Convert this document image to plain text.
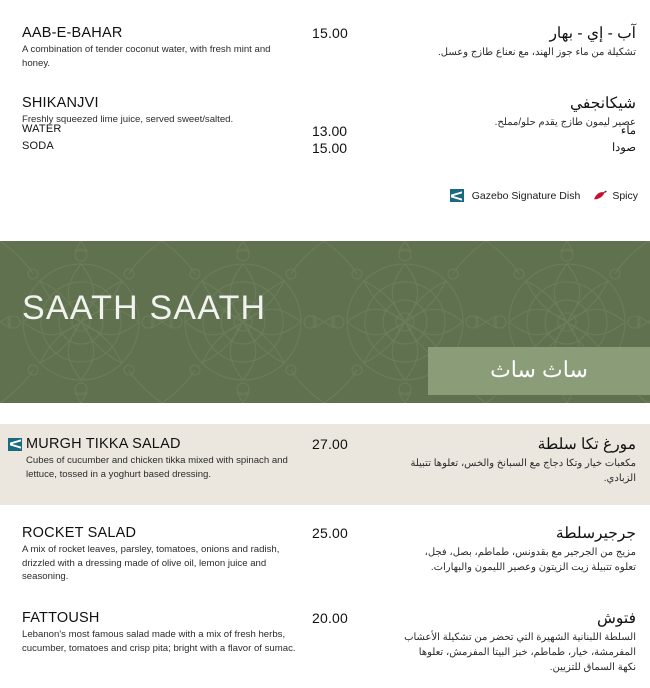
AAB-E-BAHAR
A combination of tender coconut water, with fresh mint and honey.
15.00	آب - إي - بهار
تشكيلة من ماء جوز الهند، مع نعناع طازج وعسل.
SHIKANJVI
Freshly squeezed lime juice, served sweet/salted.
شيكانجفي
عصير ليمون طازج يقدم حلو/مملح.
WATER	13.00	ماء
SODA	15.00	صودا
Gazebo Signature Dish	Spicy
SAATH SAATH
ساث ساث
MURGH TIKKA SALAD
Cubes of cucumber and chicken tikka mixed with spinach and lettuce, tossed in a yoghurt based dressing.
27.00	مورغ تكا سلطة
مكعبات خيار وتكا دجاج مع السبانخ والخس، تعلوها تتبيلة الزبادي.
ROCKET SALAD
A mix of rocket leaves, parsley, tomatoes, onions and radish, drizzled with a dressing made of olive oil, lemon juice and seasoning.
25.00	جرجيرسلطة
مزيج من الجرجير مع بقدونس، طماطم، بصل، فجل، تعلوه تتبيلة زيت الزيتون وعصير الليمون والبهارات.
FATTOUSH
Lebanon's most famous salad made with a mix of fresh herbs, cucumber, tomatoes and crisp pita; bright with a flavor of sumac.
20.00	فتوش
السلطة اللبنانية الشهيرة التي تحضر من تشكيلة الأعشاب المفرمشة، خيار، طماطم، خبز البيتا المفرمش، تعلوها نكهة السماق للتزيين.
